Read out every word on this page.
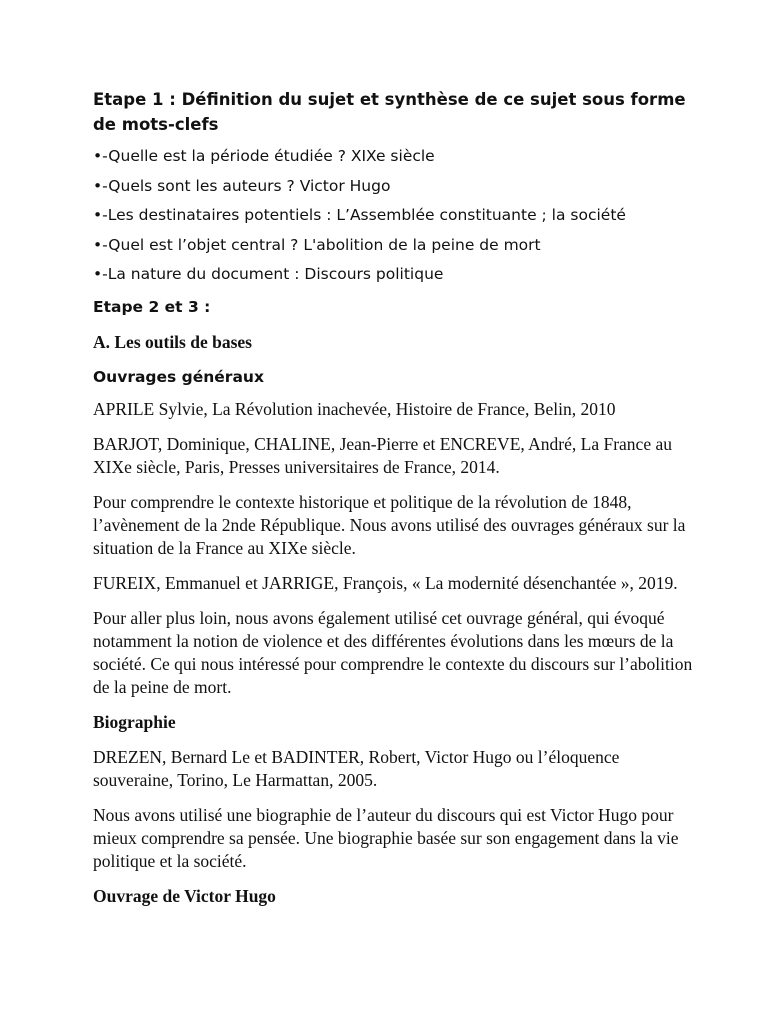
Etape 1 : Définition du sujet et synthèse de ce sujet sous forme de mots-clefs
•-Quelle est la période étudiée ? XIXe siècle
•-Quels sont les auteurs ? Victor Hugo
•-Les destinataires potentiels : L’Assemblée constituante ; la société
•-Quel est l’objet central ? L'abolition de la peine de mort
•-La nature du document : Discours politique
Etape 2 et 3 :
A. Les outils de bases
Ouvrages généraux

APRILE Sylvie, La Révolution inachevée, Histoire de France, Belin, 2010

BARJOT, Dominique, CHALINE, Jean-Pierre et ENCREVE, André, La France au XIXe siècle, Paris, Presses universitaires de France, 2014.

Pour comprendre le contexte historique et politique de la révolution de 1848, l’avènement de la 2nde République. Nous avons utilisé des ouvrages généraux sur la situation de la France au XIXe siècle.

FUREIX, Emmanuel et JARRIGE, François, « La modernité désenchantée », 2019.

Pour aller plus loin, nous avons également utilisé cet ouvrage général, qui évoqué notamment la notion de violence et des différentes évolutions dans les mœurs de la société. Ce qui nous intéressé pour comprendre le contexte du discours sur l’abolition de la peine de mort.

Biographie

DREZEN, Bernard Le et BADINTER, Robert, Victor Hugo ou l’éloquence souveraine, Torino, Le Harmattan, 2005.

Nous avons utilisé une biographie de l’auteur du discours qui est Victor Hugo pour mieux comprendre sa pensée. Une biographie basée sur son engagement dans la vie politique et la société.

Ouvrage de Victor Hugo
